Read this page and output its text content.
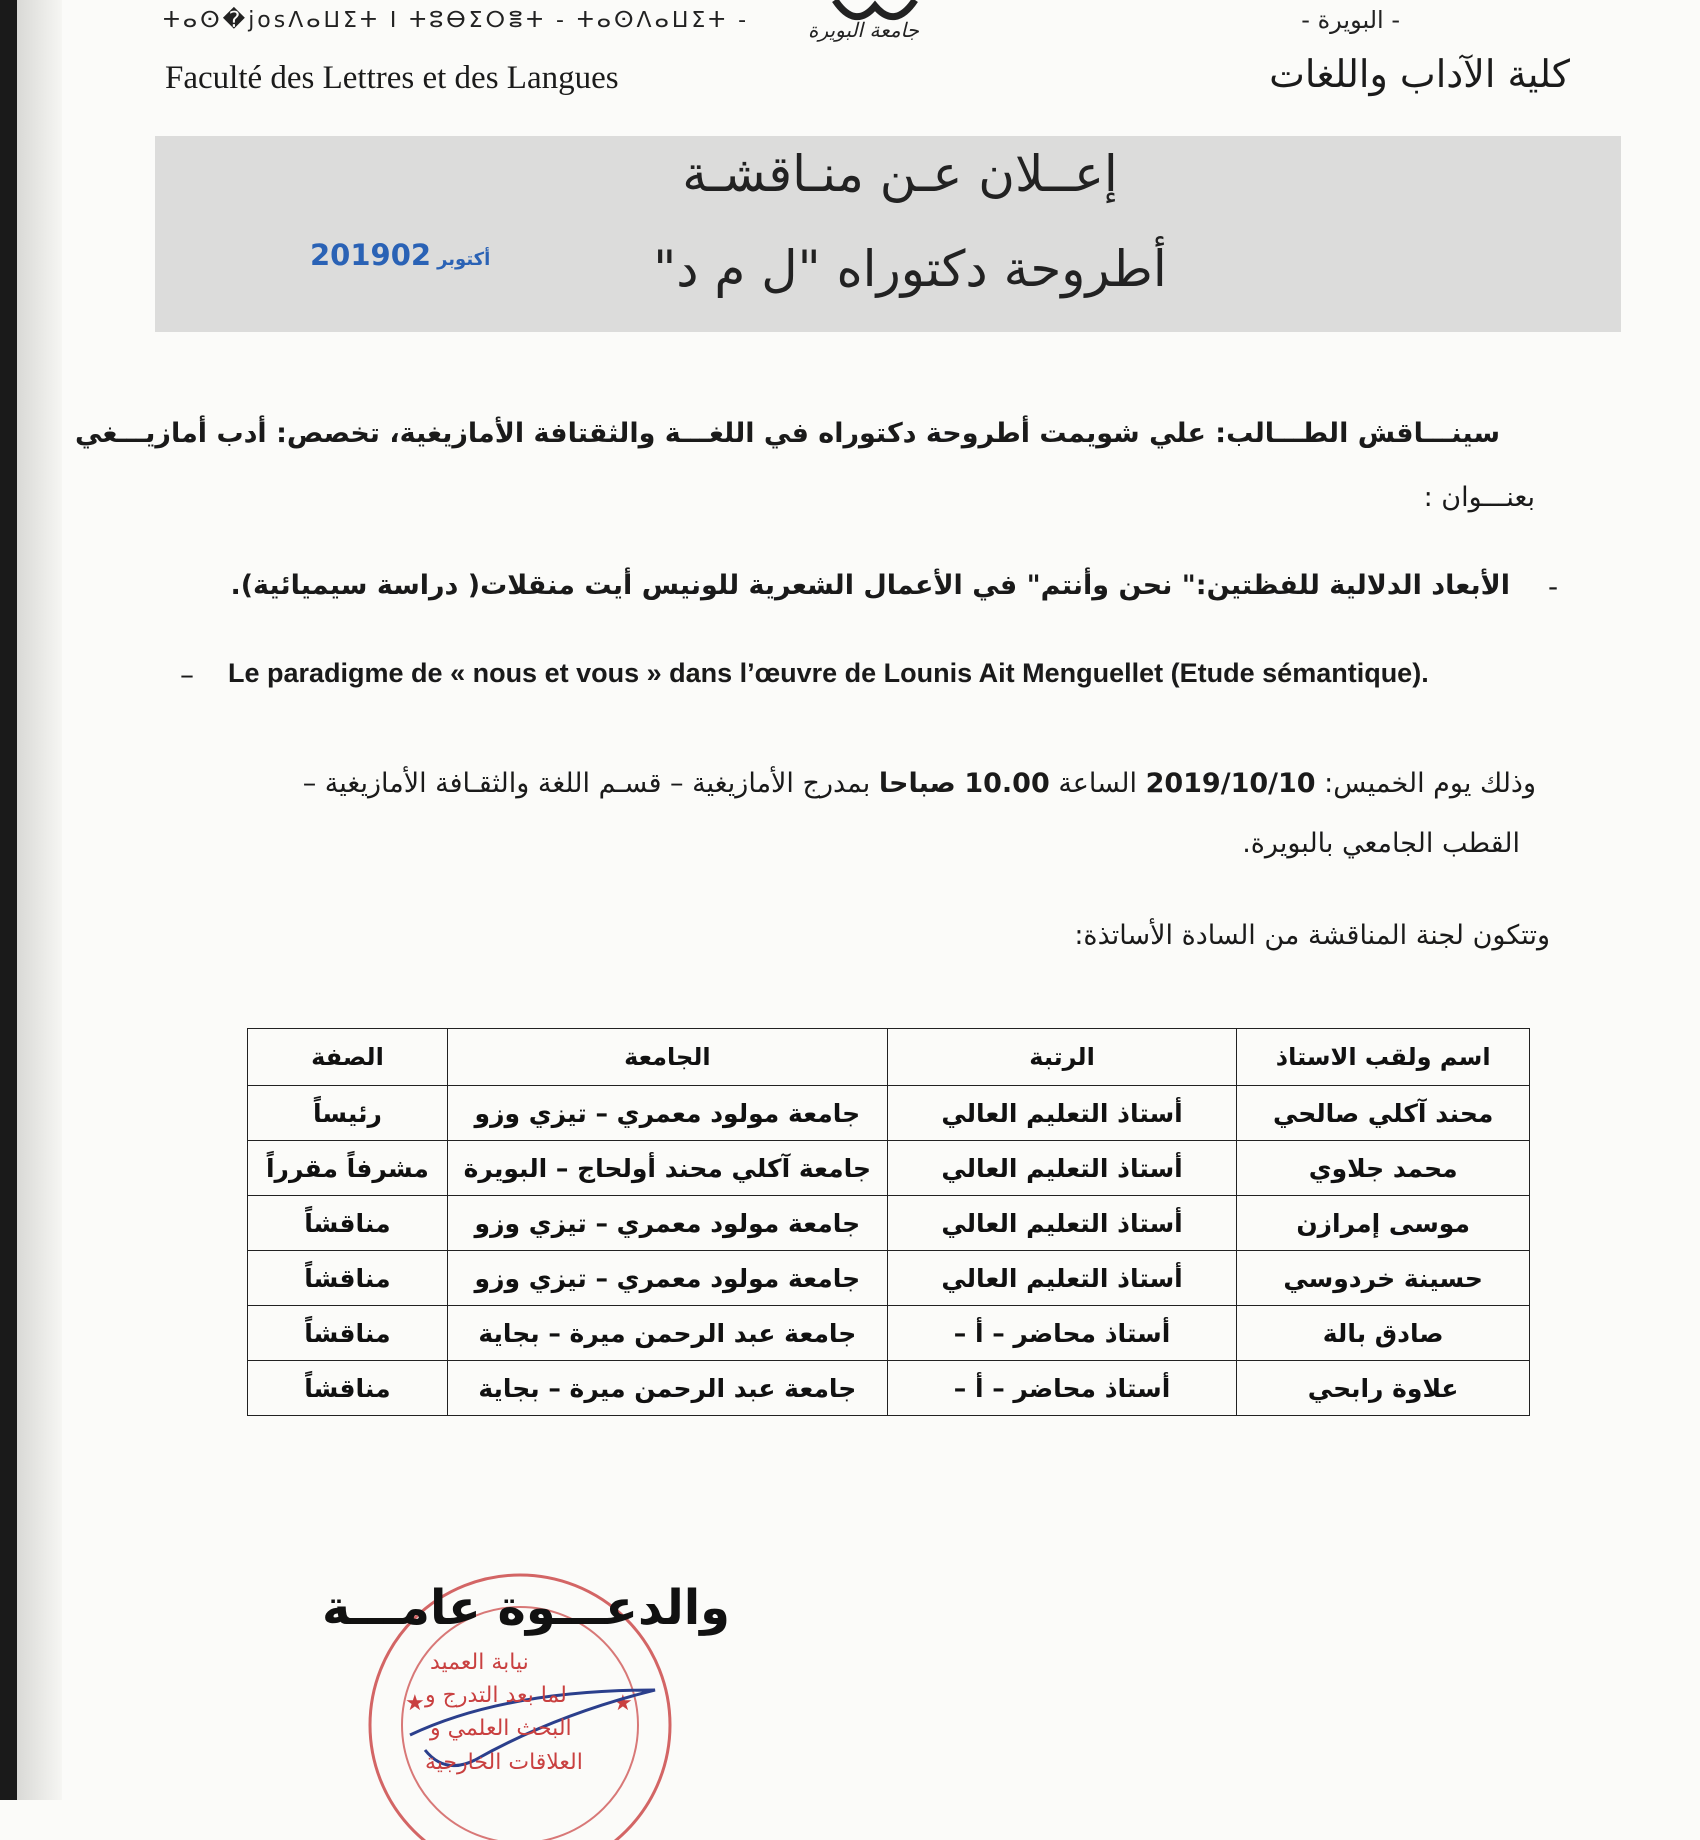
ⵜⴰⵙ�josⴷⴰⵡⵉⵜ ⵏ ⵜⵓⴱⵉⵔⴻⵜ - ⵜⴰⵙⴷⴰⵡⵉⵜ -
Faculté des Lettres et des Langues
جامعة البويرة	- البويرة -
كلية الآداب واللغات
إعــلان عـن منـاقشـة
أطروحة دكتوراه "ل م د"
2019	أكتوبر02
سينـــاقش الطـــالب: علي شويمت أطروحة دكتوراه في اللغـــة والثقتافة الأمازيغية، تخصص: أدب أمازيـــغي
بعنـــوان :
-
الأبعاد الدلالية للفظتين:" نحن وأنتم" في الأعمال الشعرية للونيس أيت منقلات( دراسة سيميائية).
– Le paradigme de « nous et vous » dans l’œuvre de Lounis Ait Menguellet (Etude sémantique).
وذلك يوم الخميس: 2019/10/10 الساعة 10.00 صباحا بمدرج الأمازيغية – قسـم اللغة والثقـافة الأمازيغية –
القطب الجامعي بالبويرة.
وتتكون لجنة المناقشة من السادة الأساتذة:
اسم ولقب الاستاذ	الرتبة	الجامعة	الصفة
محند آكلي صالحي	أستاذ التعليم العالي	جامعة مولود معمري – تيزي وزو	رئيساً
محمد جلاوي	أستاذ التعليم العالي	جامعة آكلي محند أولحاج – البويرة	مشرفاً مقرراً
موسى إمرازن	أستاذ التعليم العالي	جامعة مولود معمري – تيزي وزو	مناقشاً
حسينة خردوسي	أستاذ التعليم العالي	جامعة مولود معمري – تيزي وزو	مناقشاً
صادق بالة	أستاذ محاضر – أ –	جامعة عبد الرحمن ميرة – بجاية	مناقشاً
علاوة رابحي	أستاذ محاضر – أ –	جامعة عبد الرحمن ميرة – بجاية	مناقشاً
★	★
نيابة العميد
لما بعد التدرج و
البحث العلمي و
العلاقات الخارجية
والدعـــوة عامـــة
